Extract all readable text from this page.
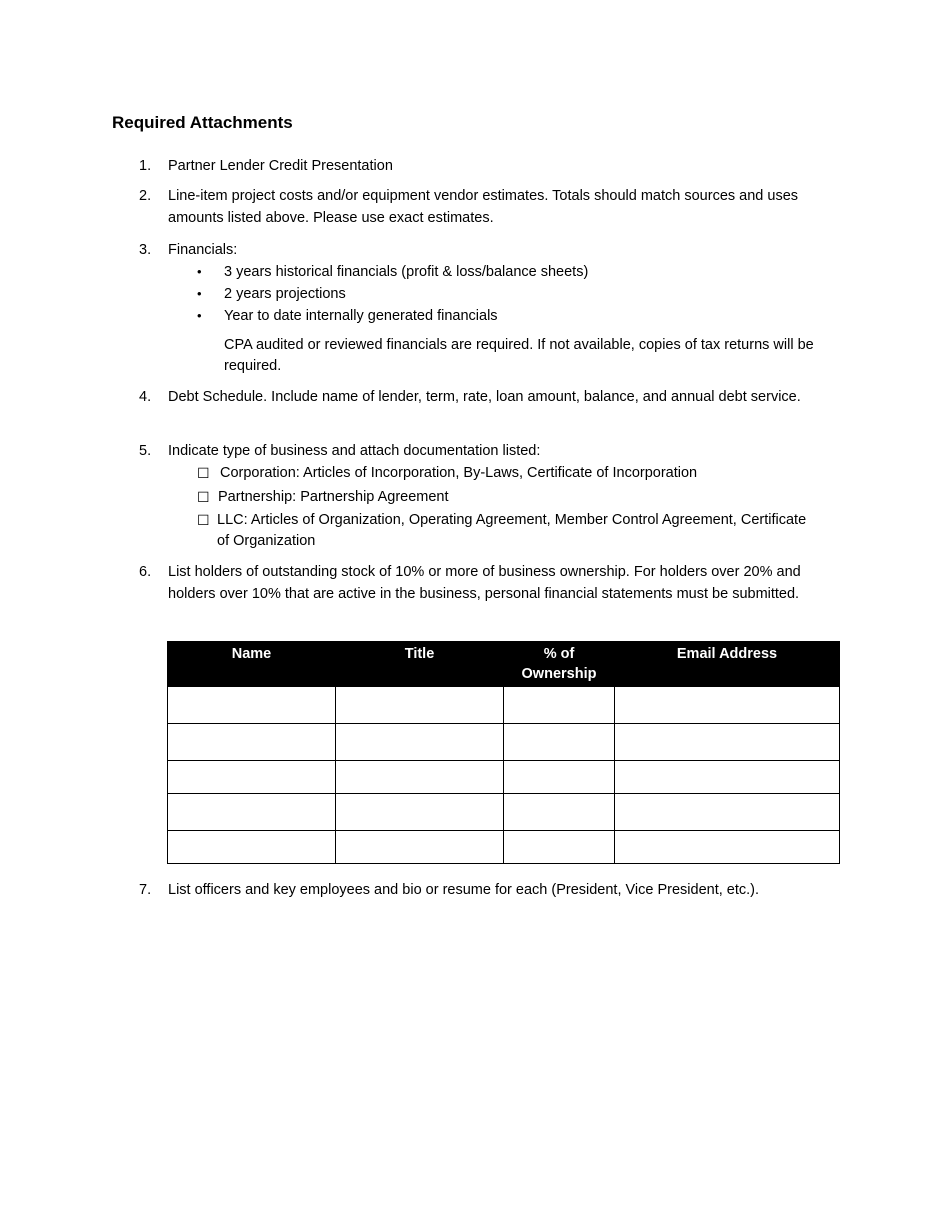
Required Attachments
1. Partner Lender Credit Presentation
2. Line-item project costs and/or equipment vendor estimates. Totals should match sources and uses amounts listed above. Please use exact estimates.
3. Financials:
• 3 years historical financials (profit & loss/balance sheets)
• 2 years projections
• Year to date internally generated financials
CPA audited or reviewed financials are required. If not available, copies of tax returns will be required.
4. Debt Schedule. Include name of lender, term, rate, loan amount, balance, and annual debt service.
5. Indicate type of business and attach documentation listed:
☐ Corporation: Articles of Incorporation, By-Laws, Certificate of Incorporation
☐ Partnership: Partnership Agreement
☐ LLC: Articles of Organization, Operating Agreement, Member Control Agreement, Certificate of Organization
6. List holders of outstanding stock of 10% or more of business ownership. For holders over 20% and holders over 10% that are active in the business, personal financial statements must be submitted.
Name	Title	% of Ownership	Email Address

7. List officers and key employees and bio or resume for each (President, Vice President, etc.).
